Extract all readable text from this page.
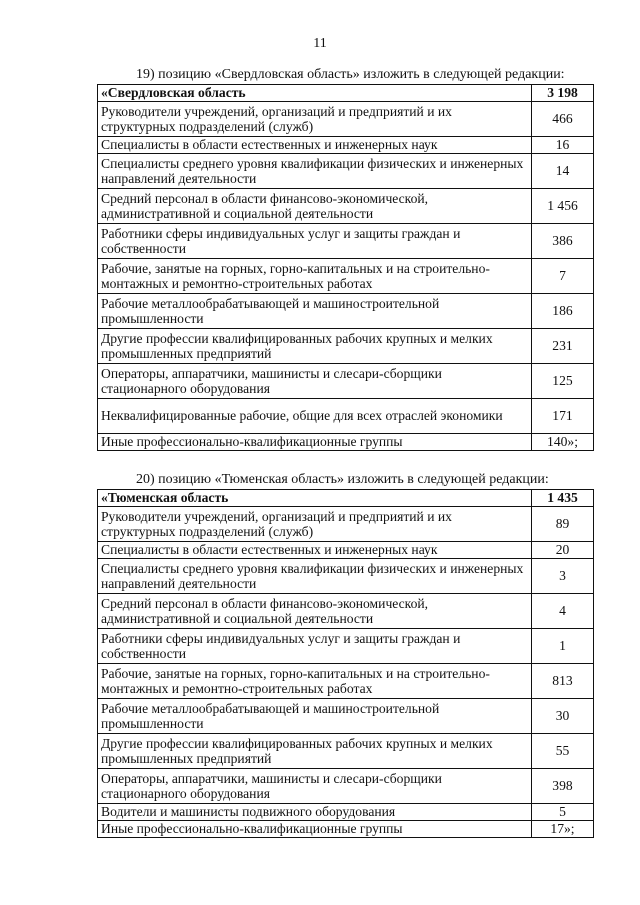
11
19) позицию «Свердловская область» изложить в следующей редакции:
«Свердловская область	3 198
Руководители учреждений, организаций и предприятий и их структурных подразделений (служб)	466
Специалисты в области естественных и инженерных наук	16
Специалисты среднего уровня квалификации физических и инженерных направлений деятельности	14
Средний персонал в области финансово-экономической, административной и социальной деятельности	1 456
Работники сферы индивидуальных услуг и защиты граждан и собственности	386
Рабочие, занятые на горных, горно-капитальных и на строительно-монтажных и ремонтно-строительных работах	7
Рабочие металлообрабатывающей и машиностроительной промышленности	186
Другие профессии квалифицированных рабочих крупных и мелких промышленных предприятий	231
Операторы, аппаратчики, машинисты и слесари-сборщики стационарного оборудования	125
Неквалифицированные рабочие, общие для всех отраслей экономики	171
Иные профессионально-квалификационные группы	140»;
20) позицию «Тюменская область» изложить в следующей редакции:
«Тюменская область	1 435
Руководители учреждений, организаций и предприятий и их структурных подразделений (служб)	89
Специалисты в области естественных и инженерных наук	20
Специалисты среднего уровня квалификации физических и инженерных направлений деятельности	3
Средний персонал в области финансово-экономической, административной и социальной деятельности	4
Работники сферы индивидуальных услуг и защиты граждан и собственности	1
Рабочие, занятые на горных, горно-капитальных и на строительно-монтажных и ремонтно-строительных работах	813
Рабочие металлообрабатывающей и машиностроительной промышленности	30
Другие профессии квалифицированных рабочих крупных и мелких промышленных предприятий	55
Операторы, аппаратчики, машинисты и слесари-сборщики стационарного оборудования	398
Водители и машинисты подвижного оборудования	5
Иные профессионально-квалификационные группы	17»;
